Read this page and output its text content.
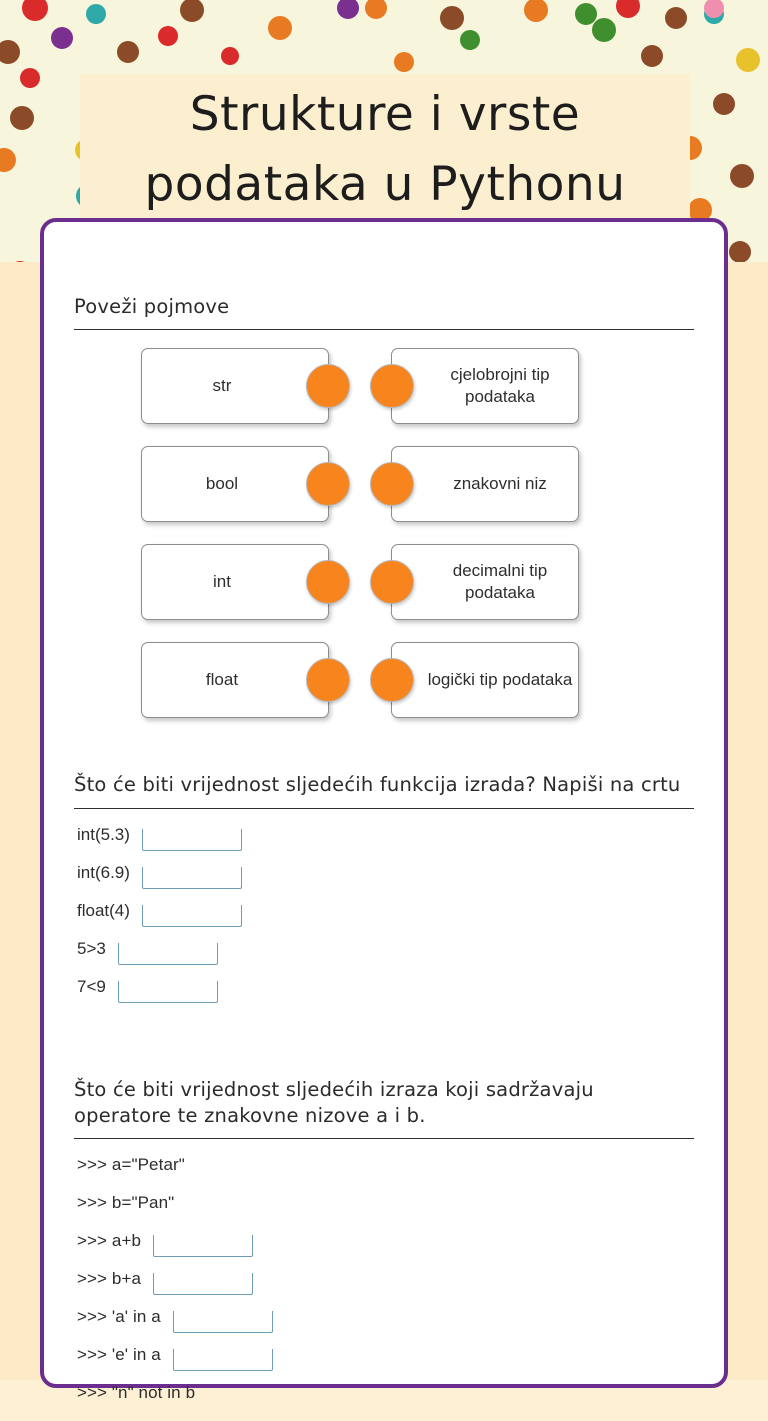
Strukture i vrste podataka u Pythonu
Poveži pojmove
str
cjelobrojni tip podataka
bool	znakovni niz
int
decimalni tip podataka
float	logički tip podataka
Što će biti vrijednost sljedećih funkcija izrada? Napiši na crtu
int(5.3)
int(6.9)
float(4)
5>3
7<9
Što će biti vrijednost sljedećih izraza koji sadržavaju operatore te znakovne nizove a i b.
>>> a="Petar"
>>> b="Pan"
>>> a+b
>>> b+a
>>> 'a' in a
>>> 'e' in a
>>> "n" not in b
